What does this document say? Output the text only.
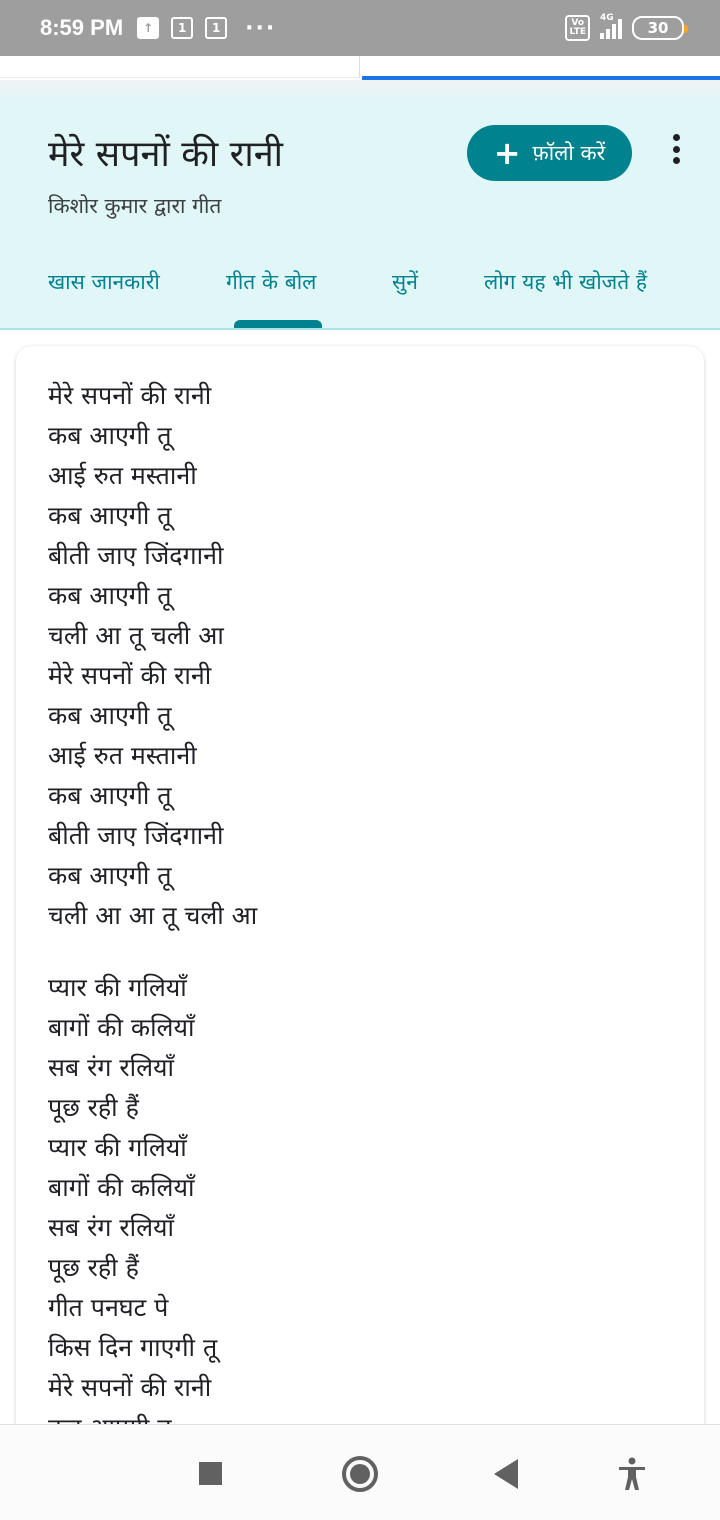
8:59 PM	↑	1	1	···	Vo
LTE
4G
30
मेरे सपनों की रानी
किशोर कुमार द्वारा गीत
+ फ़ॉलो करें
खास जानकारी	गीत के बोल	सुनें	लोग यह भी खोजते हैं
मेरे सपनों की रानी
कब आएगी तू
आई रुत मस्तानी
कब आएगी तू
बीती जाए जिंदगानी
कब आएगी तू
चली आ तू चली आ
मेरे सपनों की रानी
कब आएगी तू
आई रुत मस्तानी
कब आएगी तू
बीती जाए जिंदगानी
कब आएगी तू
चली आ आ तू चली आ
प्यार की गलियाँ
बागों की कलियाँ
सब रंग रलियाँ
पूछ रही हैं
प्यार की गलियाँ
बागों की कलियाँ
सब रंग रलियाँ
पूछ रही हैं
गीत पनघट पे
किस दिन गाएगी तू
मेरे सपनों की रानी
